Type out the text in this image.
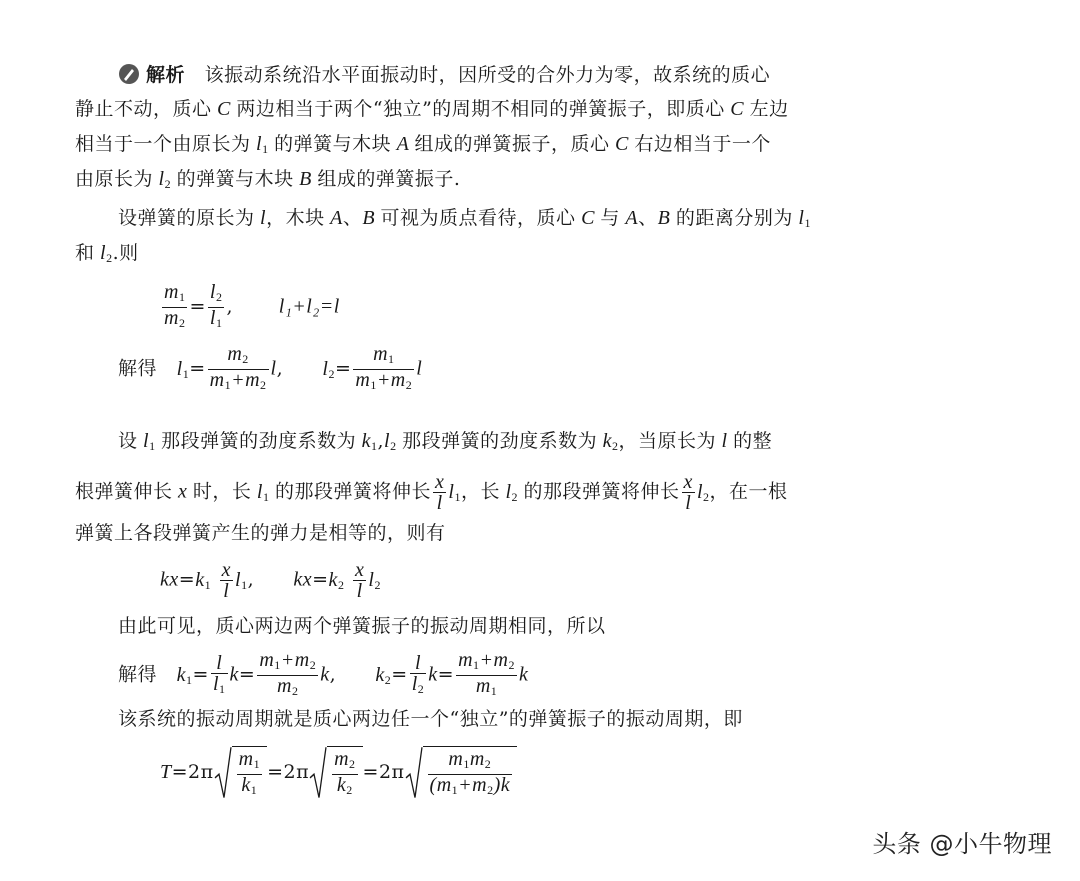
解析 该振动系统沿水平面振动时，因所受的合外力为零，故系统的质心
静止不动，质心 C 两边相当于两个“独立”的周期不相同的弹簧振子，即质心 C 左边
相当于一个由原长为 $l_1$ 的弹簧与木块 A 组成的弹簧振子，质心 C 右边相当于一个
由原长为 $l_2$ 的弹簧与木块 B 组成的弹簧振子.
设弹簧的原长为 l，木块 A、B 可视为质点看待，质心 C 与 A、B 的距离分别为 $l_1$
和 $l_2$.则
$\frac{m_1}{m_2} = \frac{l_2}{l_1}$ ,       l₁+l₂=l
解得 $l_1= \frac{m_2}{m_1+m_2} l$,      $l_2= \frac{m_1}{m_1+m_2}$ l
设 $l_1$ 那段弹簧的劲度系数为 $k_1,l_2$ 那段弹簧的劲度系数为 $k_2$，当原长为 l 的整
根弹簧伸长 x 时，长 $l_1$ 的那段弹簧将伸长 $\frac{x}{l} l_1$，长 $l_2$ 的那段弹簧将伸长 $\frac{x}{l} l_2$，在一根
弹簧上各段弹簧产生的弹力是相等的，则有
$kx=k_1 \frac{x}{l} l_1$,      $kx=k_2 \frac{x}{l} l_2$
由此可见，质心两边两个弹簧振子的振动周期相同，所以
解得 $k_1= \frac{l}{l_1} k= \frac{m_1+m_2}{m_2} k$,      $k_2= \frac{l}{l_2} k= \frac{m_1+m_2}{m_1}$ k
该系统的振动周期就是质心两边任一个“独立”的弹簧振子的振动周期，即
$T=2\pi \frac{m_1}{k_1} =2\pi \frac{m_2}{k_2} =2\pi \frac{m_1m_2}{(m_1+m_2)k}$
头条 @小牛物理
